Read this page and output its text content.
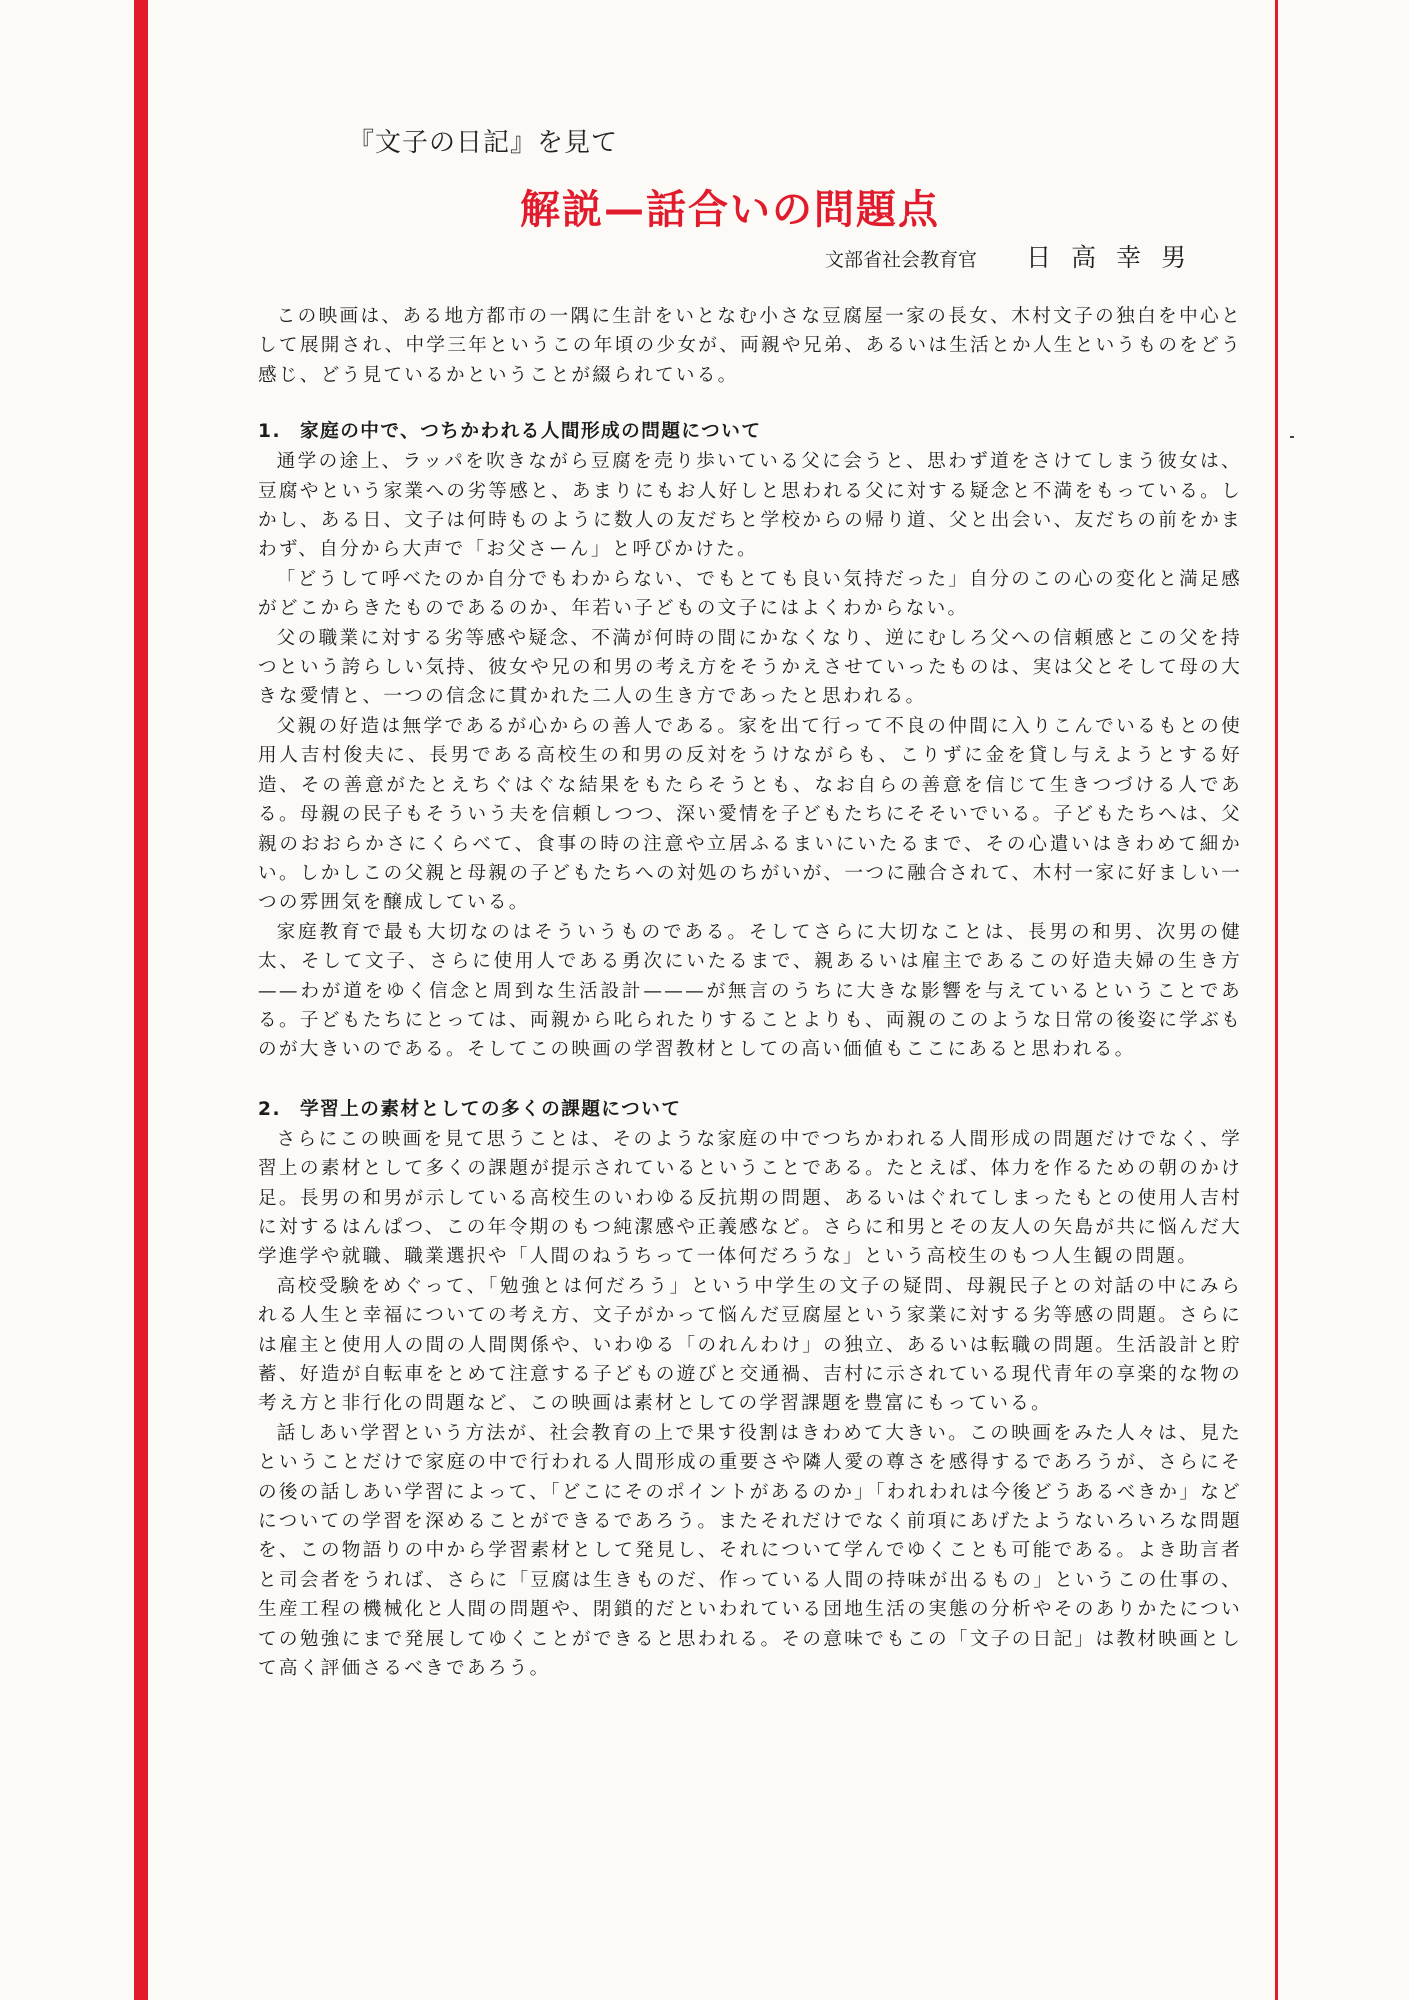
『文子の日記』を見て
解説—話合いの問題点
文部省社会教育官 日高幸男

この映画は、ある地方都市の一隅に生計をいとなむ小さな豆腐屋一家の長女、木村文子の独白を中心として展開され、中学三年というこの年頃の少女が、両親や兄弟、あるいは生活とか人生というものをどう感じ、どう見ているかということが綴られている。

1. 家庭の中で、つちかわれる人間形成の問題について

通学の途上、ラッパを吹きながら豆腐を売り歩いている父に会うと、思わず道をさけてしまう彼女は、豆腐やという家業への劣等感と、あまりにもお人好しと思われる父に対する疑念と不満をもっている。しかし、ある日、文子は何時ものように数人の友だちと学校からの帰り道、父と出会い、友だちの前をかまわず、自分から大声で「お父さーん」と呼びかけた。

「どうして呼べたのか自分でもわからない、でもとても良い気持だった」自分のこの心の変化と満足感がどこからきたものであるのか、年若い子どもの文子にはよくわからない。

父の職業に対する劣等感や疑念、不満が何時の間にかなくなり、逆にむしろ父への信頼感とこの父を持つという誇らしい気持、彼女や兄の和男の考え方をそうかえさせていったものは、実は父とそして母の大きな愛情と、一つの信念に貫かれた二人の生き方であったと思われる。

父親の好造は無学であるが心からの善人である。家を出て行って不良の仲間に入りこんでいるもとの使用人吉村俊夫に、長男である高校生の和男の反対をうけながらも、こりずに金を貸し与えようとする好造、その善意がたとえちぐはぐな結果をもたらそうとも、なお自らの善意を信じて生きつづける人である。母親の民子もそういう夫を信頼しつつ、深い愛情を子どもたちにそそいでいる。子どもたちへは、父親のおおらかさにくらべて、食事の時の注意や立居ふるまいにいたるまで、その心遣いはきわめて細かい。しかしこの父親と母親の子どもたちへの対処のちがいが、一つに融合されて、木村一家に好ましい一つの雰囲気を醸成している。

家庭教育で最も大切なのはそういうものである。そしてさらに大切なことは、長男の和男、次男の健太、そして文子、さらに使用人である勇次にいたるまで、親あるいは雇主であるこの好造夫婦の生き方——わが道をゆく信念と周到な生活設計———が無言のうちに大きな影響を与えているということである。子どもたちにとっては、両親から叱られたりすることよりも、両親のこのような日常の後姿に学ぶものが大きいのである。そしてこの映画の学習教材としての高い価値もここにあると思われる。

2. 学習上の素材としての多くの課題について

さらにこの映画を見て思うことは、そのような家庭の中でつちかわれる人間形成の問題だけでなく、学習上の素材として多くの課題が提示されているということである。たとえば、体力を作るための朝のかけ足。長男の和男が示している高校生のいわゆる反抗期の問題、あるいはぐれてしまったもとの使用人吉村に対するはんぱつ、この年令期のもつ純潔感や正義感など。さらに和男とその友人の矢島が共に悩んだ大学進学や就職、職業選択や「人間のねうちって一体何だろうな」という高校生のもつ人生観の問題。

高校受験をめぐって、「勉強とは何だろう」という中学生の文子の疑問、母親民子との対話の中にみられる人生と幸福についての考え方、文子がかって悩んだ豆腐屋という家業に対する劣等感の問題。さらには雇主と使用人の間の人間関係や、いわゆる「のれんわけ」の独立、あるいは転職の問題。生活設計と貯蓄、好造が自転車をとめて注意する子どもの遊びと交通禍、吉村に示されている現代青年の享楽的な物の考え方と非行化の問題など、この映画は素材としての学習課題を豊富にもっている。

話しあい学習という方法が、社会教育の上で果す役割はきわめて大きい。この映画をみた人々は、見たということだけで家庭の中で行われる人間形成の重要さや隣人愛の尊さを感得するであろうが、さらにその後の話しあい学習によって、「どこにそのポイントがあるのか」「われわれは今後どうあるべきか」などについての学習を深めることができるであろう。またそれだけでなく前項にあげたようないろいろな問題を、この物語りの中から学習素材として発見し、それについて学んでゆくことも可能である。よき助言者と司会者をうれば、さらに「豆腐は生きものだ、作っている人間の持味が出るもの」というこの仕事の、生産工程の機械化と人間の問題や、閉鎖的だといわれている団地生活の実態の分析やそのありかたについての勉強にまで発展してゆくことができると思われる。その意味でもこの「文子の日記」は教材映画として高く評価さるべきであろう。
